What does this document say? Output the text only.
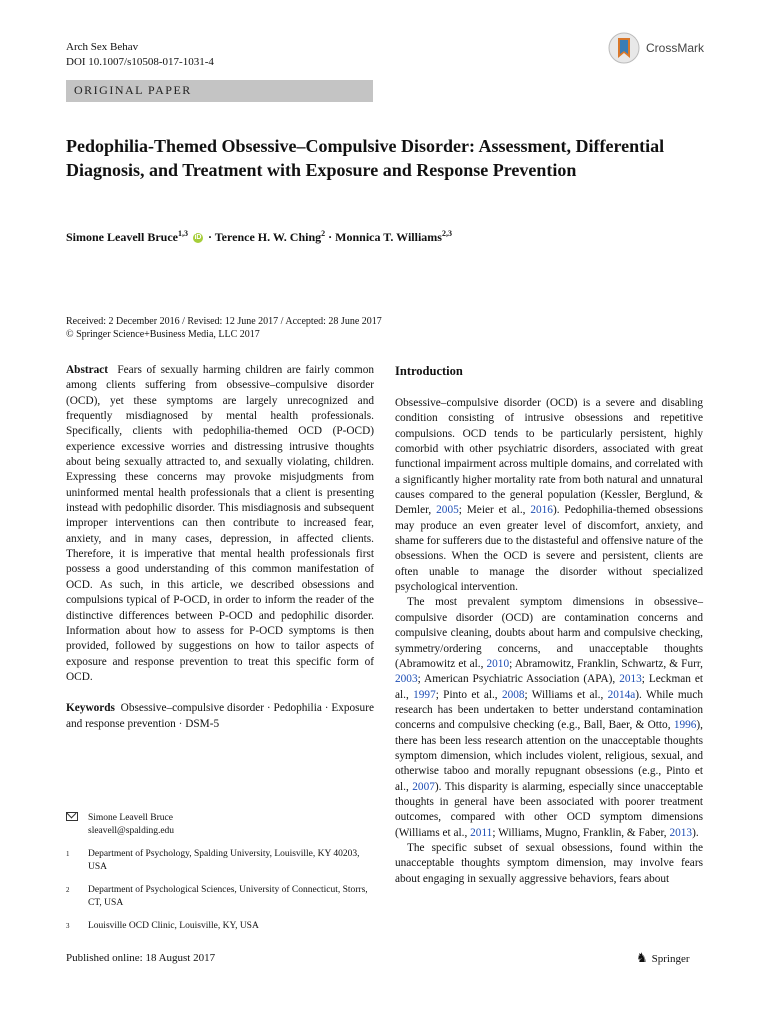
Arch Sex Behav
DOI 10.1007/s10508-017-1031-4
CrossMark
ORIGINAL PAPER
Pedophilia-Themed Obsessive–Compulsive Disorder: Assessment, Differential Diagnosis, and Treatment with Exposure and Response Prevention
Simone Leavell Bruce$^{1,3}$ iD · Terence H. W. Ching$^2$ · Monnica T. Williams$^{2,3}$
Received: 2 December 2016 / Revised: 12 June 2017 / Accepted: 28 June 2017
© Springer Science+Business Media, LLC 2017

Abstract Fears of sexually harming children are fairly common among clients suffering from obsessive–compulsive disorder (OCD), yet these symptoms are largely unrecognized and frequently misdiagnosed by mental health professionals. Specifically, clients with pedophilia-themed OCD (P-OCD) experience excessive worries and distressing intrusive thoughts about being sexually attracted to, and sexually violating, children. Expressing these concerns may provoke misjudgments from uninformed mental health professionals that a client is presenting instead with pedophilic disorder. This misdiagnosis and subsequent improper interventions can then contribute to increased fear, anxiety, and in many cases, depression, in affected clients. Therefore, it is imperative that mental health professionals first possess a good understanding of this common manifestation of OCD. As such, in this article, we described obsessions and compulsions typical of P-OCD, in order to inform the reader of the distinctive differences between P-OCD and pedophilic disorder. Information about how to assess for P-OCD symptoms is then provided, followed by suggestions on how to tailor aspects of exposure and response prevention to treat this specific form of OCD.

Keywords Obsessive–compulsive disorder · Pedophilia · Exposure and response prevention · DSM-5

Simone Leavell Bruce
sleavell@spalding.edu
1 Department of Psychology, Spalding University, Louisville, KY 40203, USA
2 Department of Psychological Sciences, University of Connecticut, Storrs, CT, USA
3 Louisville OCD Clinic, Louisville, KY, USA
Introduction

Obsessive–compulsive disorder (OCD) is a severe and disabling condition consisting of intrusive obsessions and repetitive compulsions. OCD tends to be particularly persistent, highly comorbid with other psychiatric disorders, associated with great functional impairment across multiple domains, and correlated with a significantly higher mortality rate from both natural and unnatural causes compared to the general population (Kessler, Berglund, & Demler, 2005; Meier et al., 2016). Pedophilia-themed obsessions may produce an even greater level of discomfort, anxiety, and shame for sufferers due to the distasteful and offensive nature of the obsessions. When the OCD is severe and persistent, clients are often unable to manage the disorder without specialized psychological intervention.

The most prevalent symptom dimensions in obsessive–compulsive disorder (OCD) are contamination concerns and compulsive cleaning, doubts about harm and compulsive checking, symmetry/ordering concerns, and unacceptable thoughts (Abramowitz et al., 2010; Abramowitz, Franklin, Schwartz, & Furr, 2003; American Psychiatric Association (APA), 2013; Leckman et al., 1997; Pinto et al., 2008; Williams et al., 2014a). While much research has been undertaken to better understand contamination concerns and compulsive checking (e.g., Ball, Baer, & Otto, 1996), there has been less research attention on the unacceptable thoughts symptom dimension, which includes violent, religious, sexual, and otherwise taboo and morally repugnant obsessions (e.g., Pinto et al., 2007). This disparity is alarming, especially since unacceptable thoughts in general have been associated with poorer treatment outcomes, compared with other OCD symptom dimensions (Williams et al., 2011; Williams, Mugno, Franklin, & Faber, 2013).

The specific subset of sexual obsessions, found within the unacceptable thoughts symptom dimension, may involve fears about engaging in sexually aggressive behaviors, fears about

Published online: 18 August 2017	♞ Springer
